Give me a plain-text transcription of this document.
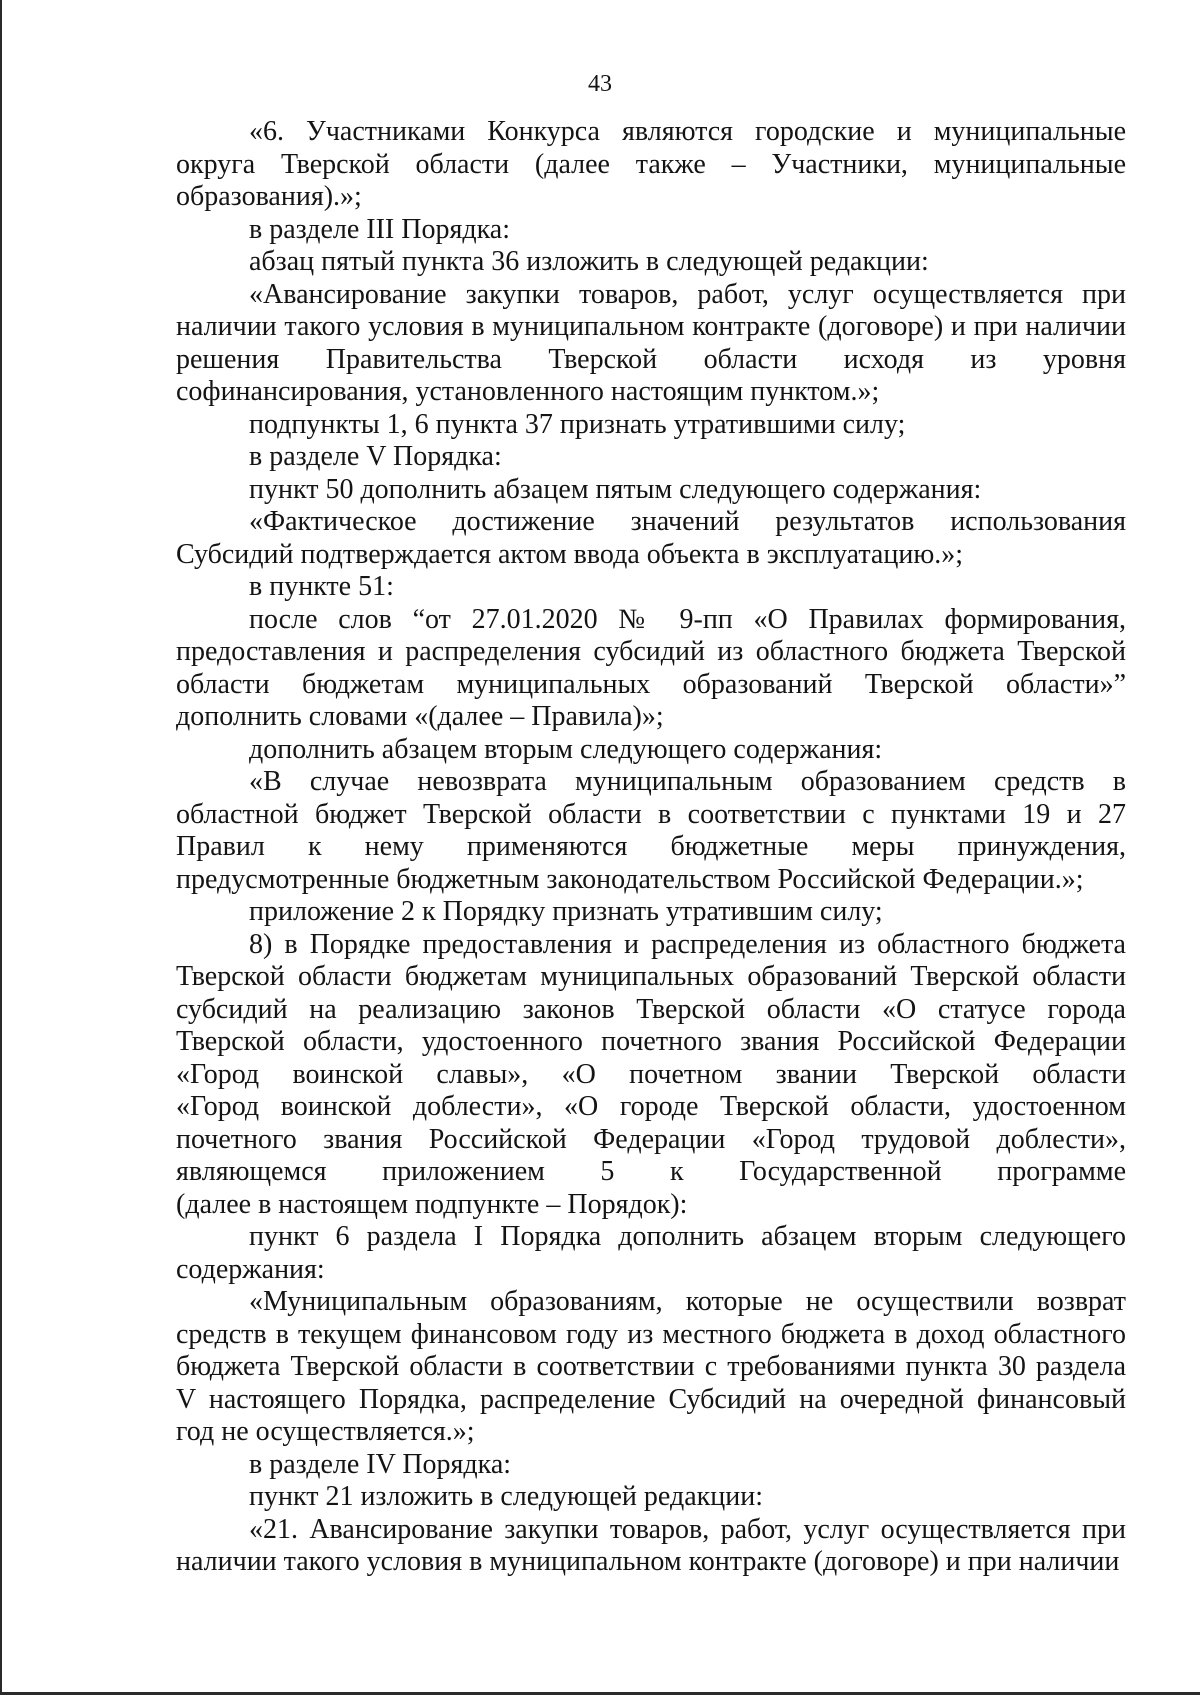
43
«6. Участниками Конкурса являются городские и муниципальные
округа Тверской области (далее также – Участники, муниципальные
образования).»;
в разделе III Порядка:
абзац пятый пункта 36 изложить в следующей редакции:
«Авансирование закупки товаров, работ, услуг осуществляется при
наличии такого условия в муниципальном контракте (договоре) и при наличии
решения Правительства Тверской области исходя из уровня
софинансирования, установленного настоящим пунктом.»;
подпункты 1, 6 пункта 37 признать утратившими силу;
в разделе V Порядка:
пункт 50 дополнить абзацем пятым следующего содержания:
«Фактическое достижение значений результатов использования
Субсидий подтверждается актом ввода объекта в эксплуатацию.»;
в пункте 51:
после слов “от 27.01.2020 № 9-пп «О Правилах формирования,
предоставления и распределения субсидий из областного бюджета Тверской
области бюджетам муниципальных образований Тверской области»”
дополнить словами «(далее – Правила)»;
дополнить абзацем вторым следующего содержания:
«В случае невозврата муниципальным образованием средств в
областной бюджет Тверской области в соответствии с пунктами 19 и 27
Правил к нему применяются бюджетные меры принуждения,
предусмотренные бюджетным законодательством Российской Федерации.»;
приложение 2 к Порядку признать утратившим силу;
8) в Порядке предоставления и распределения из областного бюджета
Тверской области бюджетам муниципальных образований Тверской области
субсидий на реализацию законов Тверской области «О статусе города
Тверской области, удостоенного почетного звания Российской Федерации
«Город воинской славы», «О почетном звании Тверской области
«Город воинской доблести», «О городе Тверской области, удостоенном
почетного звания Российской Федерации «Город трудовой доблести»,
являющемся приложением 5 к Государственной программе
(далее в настоящем подпункте – Порядок):
пункт 6 раздела I Порядка дополнить абзацем вторым следующего
содержания:
«Муниципальным образованиям, которые не осуществили возврат
средств в текущем финансовом году из местного бюджета в доход областного
бюджета Тверской области в соответствии с требованиями пункта 30 раздела
V настоящего Порядка, распределение Субсидий на очередной финансовый
год не осуществляется.»;
в разделе IV Порядка:
пункт 21 изложить в следующей редакции:
«21. Авансирование закупки товаров, работ, услуг осуществляется при
наличии такого условия в муниципальном контракте (договоре) и при наличии
